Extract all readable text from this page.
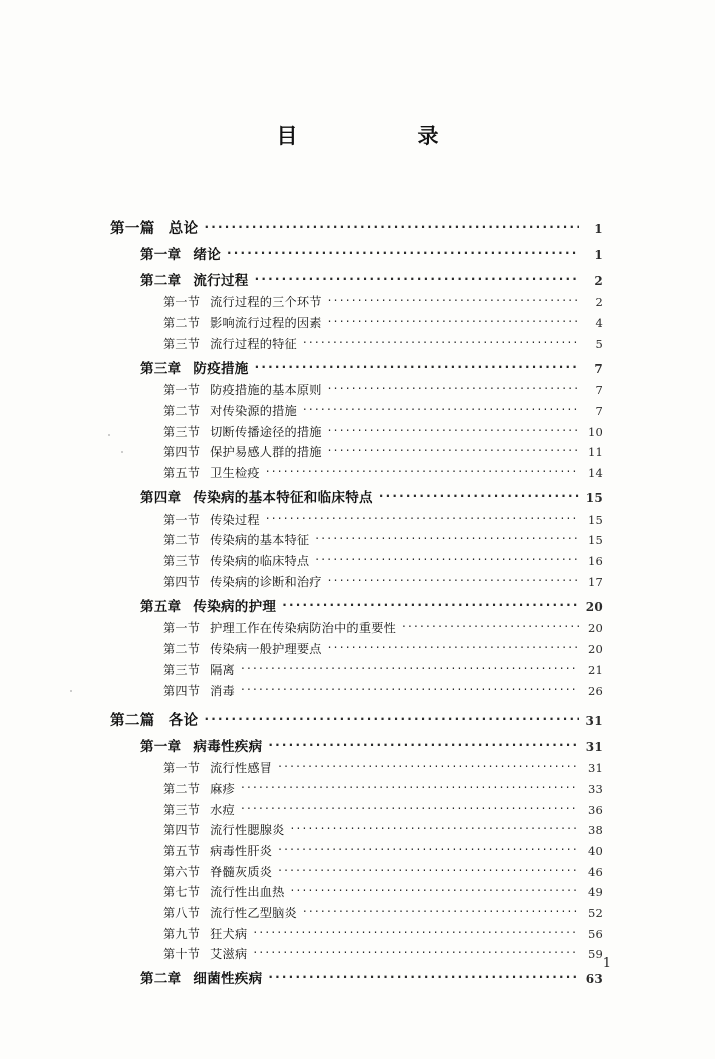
目　　录
第一篇 总论 .....	1
第一章 绪论 .....	1
第二章 流行过程 .....	2
第一节 流行过程的三个环节 .....	2
第二节 影响流行过程的因素 .....	4
第三节 流行过程的特征 .....	5
第三章 防疫措施 .....	7
第一节 防疫措施的基本原则 .....	7
第二节 对传染源的措施 .....	7
第三节 切断传播途径的措施 .....	10
第四节 保护易感人群的措施 .....	11
第五节 卫生检疫 .....	14
第四章 传染病的基本特征和临床特点 .....	15
第一节 传染过程 .....	15
第二节 传染病的基本特征 .....	15
第三节 传染病的临床特点 .....	16
第四节 传染病的诊断和治疗 .....	17
第五章 传染病的护理 .....	20
第一节 护理工作在传染病防治中的重要性 .....	20
第二节 传染病一般护理要点 .....	20
第三节 隔离 .....	21
第四节 消毒 .....	26
第二篇 各论 .....	31
第一章 病毒性疾病 .....	31
第一节 流行性感冒 .....	31
第二节 麻疹 .....	33
第三节 水痘 .....	36
第四节 流行性腮腺炎 .....	38
第五节 病毒性肝炎 .....	40
第六节 脊髓灰质炎 .....	46
第七节 流行性出血热 .....	49
第八节 流行性乙型脑炎 .....	52
第九节 狂犬病 .....	56
第十节 艾滋病 .....	59
第二章 细菌性疾病 .....	63
1
